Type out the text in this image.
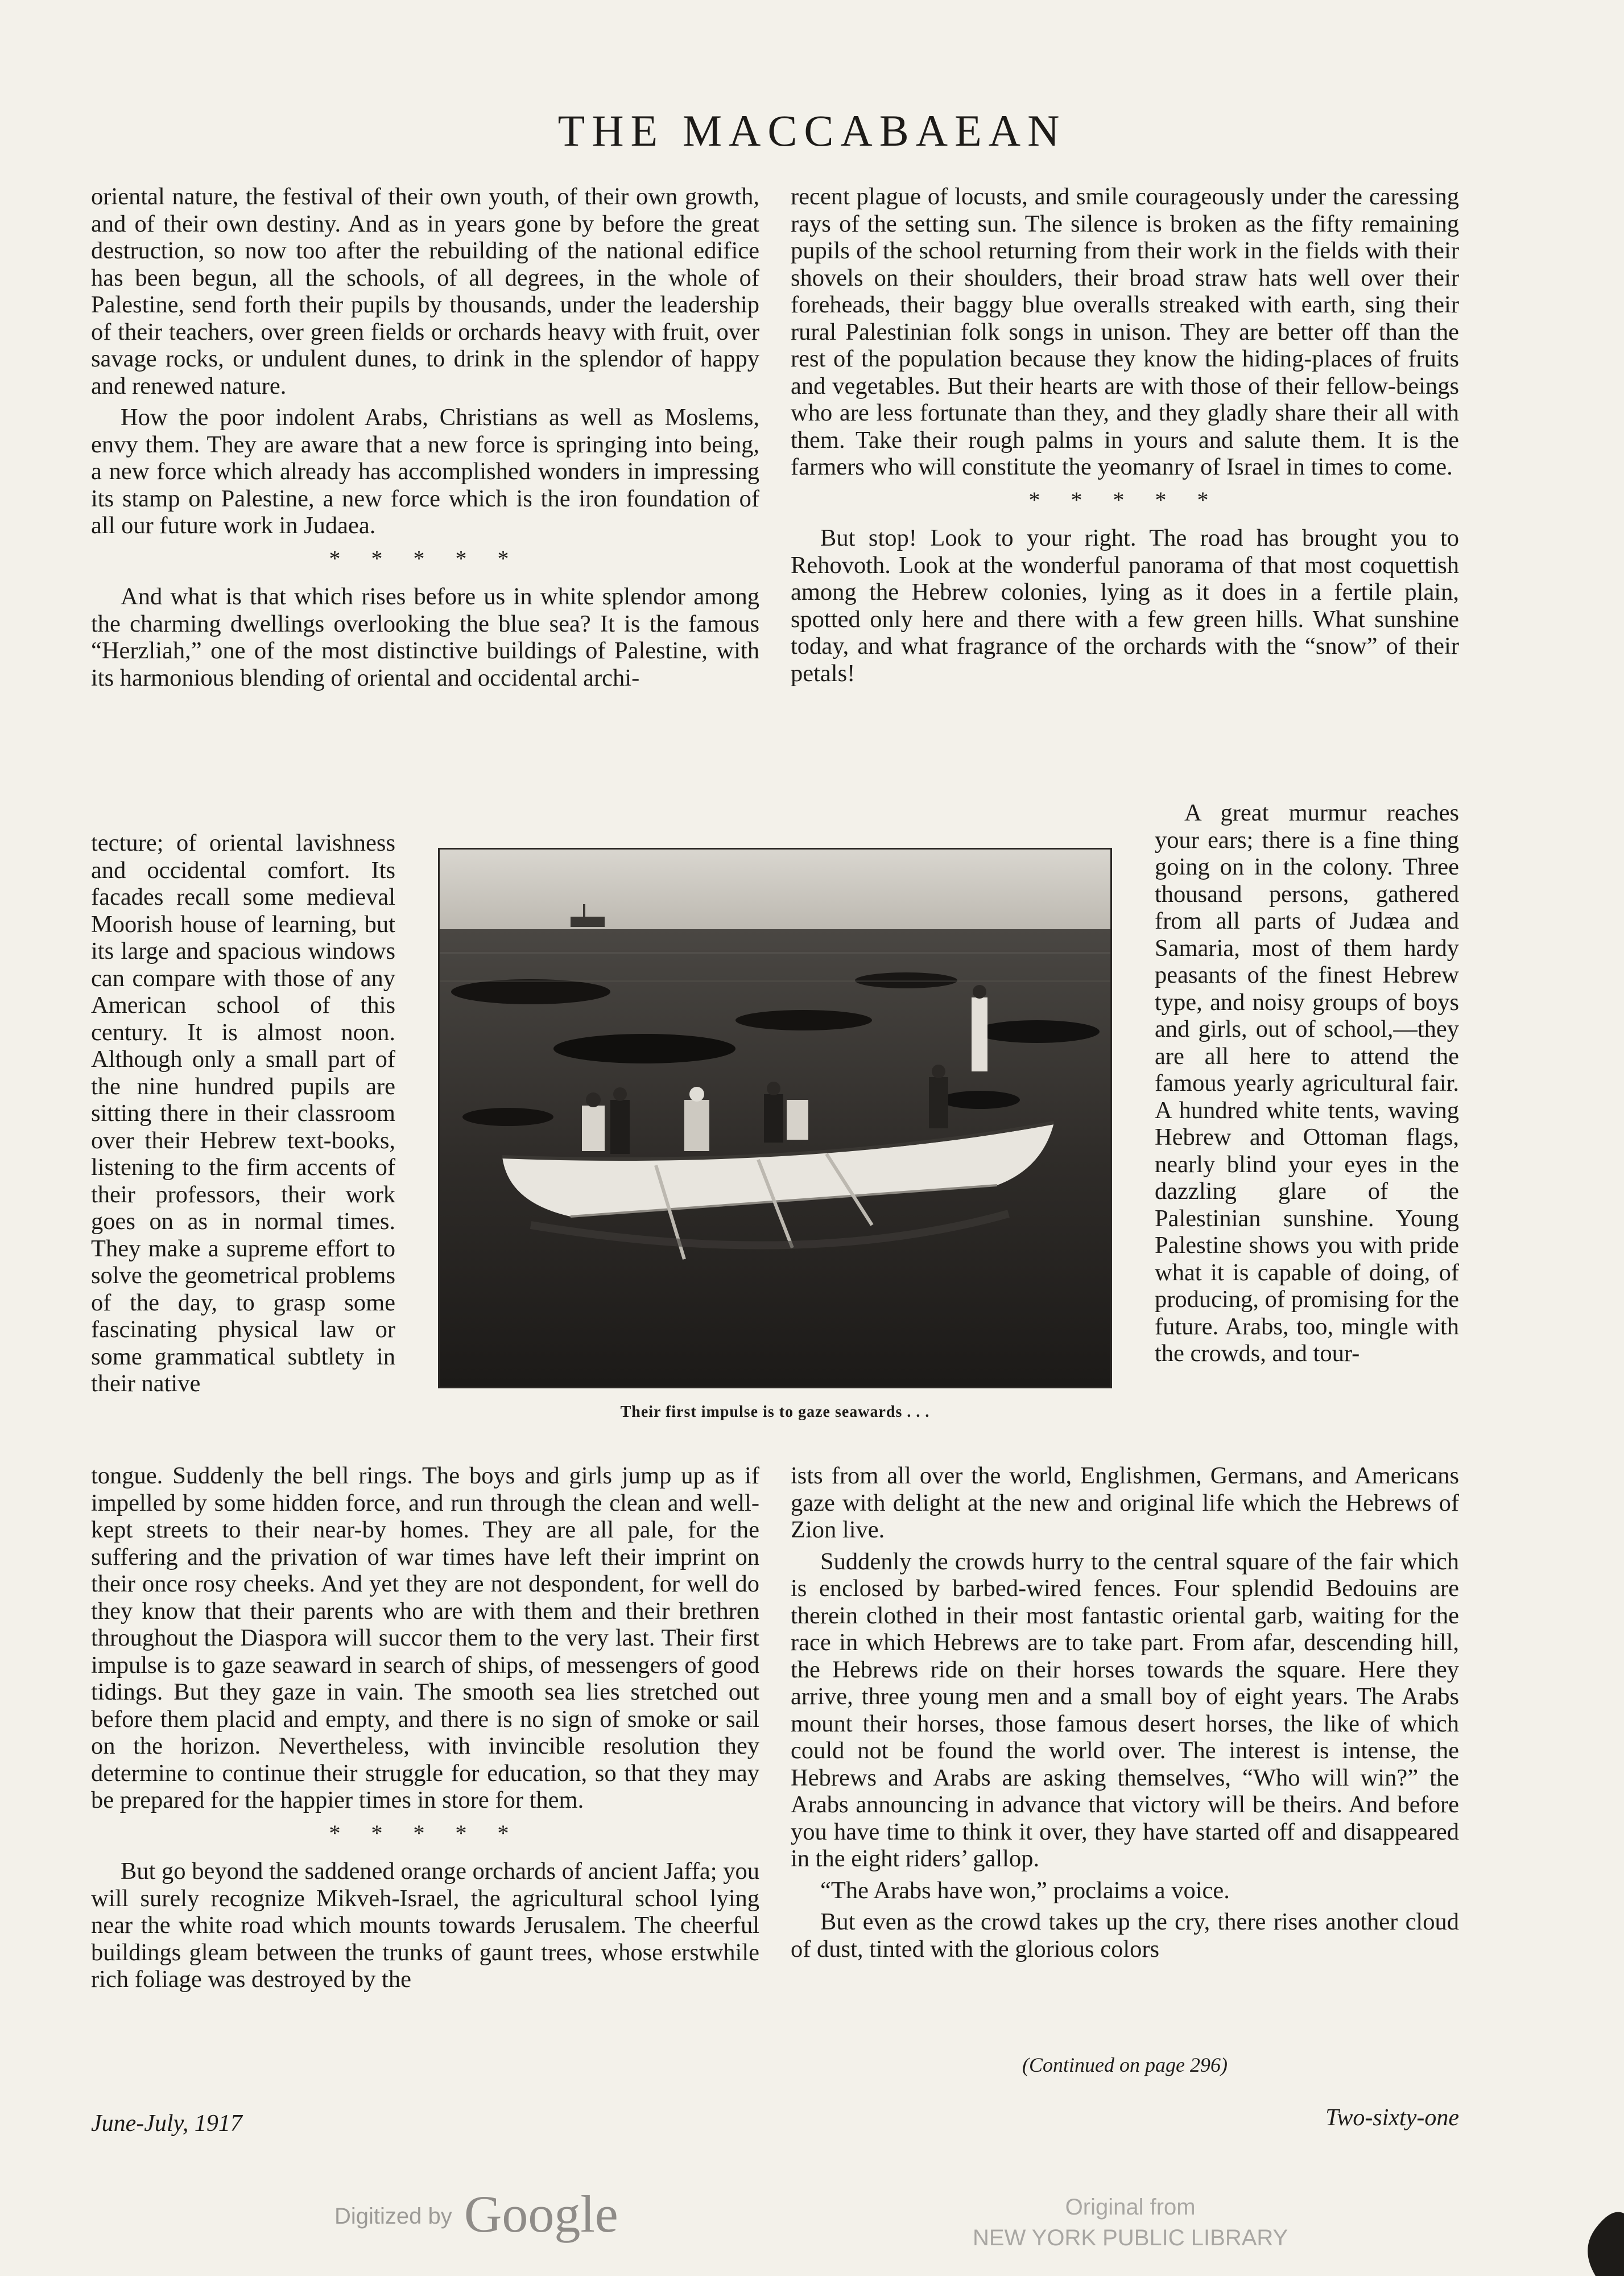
THE MACCABAEAN

oriental nature, the festival of their own youth, of their own growth, and of their own destiny. And as in years gone by before the great destruction, so now too after the rebuilding of the national edifice has been begun, all the schools, of all degrees, in the whole of Palestine, send forth their pupils by thousands, under the leadership of their teachers, over green fields or orchards heavy with fruit, over savage rocks, or undulent dunes, to drink in the splendor of happy and renewed nature.

How the poor indolent Arabs, Christians as well as Moslems, envy them. They are aware that a new force is springing into being, a new force which already has accomplished wonders in impressing its stamp on Palestine, a new force which is the iron foundation of all our future work in Judaea.

* * * * *

And what is that which rises before us in white splendor among the charming dwellings overlooking the blue sea? It is the famous “Herzliah,” one of the most distinctive buildings of Palestine, with its harmonious blending of oriental and occidental archi-

tecture; of oriental lavishness and occidental comfort. Its facades recall some medieval Moorish house of learning, but its large and spacious windows can compare with those of any American school of this century. It is almost noon. Although only a small part of the nine hundred pupils are sitting there in their classroom over their Hebrew text-books, listening to the firm accents of their professors, their work goes on as in normal times. They make a supreme effort to solve the geometrical problems of the day, to grasp some fascinating physical law or some grammatical subtlety in their native

Their first impulse is to gaze seawards . . .

tongue. Suddenly the bell rings. The boys and girls jump up as if impelled by some hidden force, and run through the clean and well-kept streets to their near-by homes. They are all pale, for the suffering and the privation of war times have left their imprint on their once rosy cheeks. And yet they are not despondent, for well do they know that their parents who are with them and their brethren throughout the Diaspora will succor them to the very last. Their first impulse is to gaze seaward in search of ships, of messengers of good tidings. But they gaze in vain. The smooth sea lies stretched out before them placid and empty, and there is no sign of smoke or sail on the horizon. Nevertheless, with invincible resolution they determine to continue their struggle for education, so that they may be prepared for the happier times in store for them.

* * * * *

But go beyond the saddened orange orchards of ancient Jaffa; you will surely recognize Mikveh-Israel, the agricultural school lying near the white road which mounts towards Jerusalem. The cheerful buildings gleam between the trunks of gaunt trees, whose erstwhile rich foliage was destroyed by the

recent plague of locusts, and smile courageously under the caressing rays of the setting sun. The silence is broken as the fifty remaining pupils of the school returning from their work in the fields with their shovels on their shoulders, their broad straw hats well over their foreheads, their baggy blue overalls streaked with earth, sing their rural Palestinian folk songs in unison. They are better off than the rest of the population because they know the hiding-places of fruits and vegetables. But their hearts are with those of their fellow-beings who are less fortunate than they, and they gladly share their all with them. Take their rough palms in yours and salute them. It is the farmers who will constitute the yeomanry of Israel in times to come.

* * * * *

But stop! Look to your right. The road has brought you to Rehovoth. Look at the wonderful panorama of that most coquettish among the Hebrew colonies, lying as it does in a fertile plain, spotted only here and there with a few green hills. What sunshine today, and what fragrance of the orchards with the “snow” of their petals!

A great murmur reaches your ears; there is a fine thing going on in the colony. Three thousand persons, gathered from all parts of Judæa and Samaria, most of them hardy peasants of the finest Hebrew type, and noisy groups of boys and girls, out of school,—they are all here to attend the famous yearly agricultural fair. A hundred white tents, waving Hebrew and Ottoman flags, nearly blind your eyes in the dazzling glare of the Palestinian sunshine. Young Palestine shows you with pride what it is capable of doing, of producing, of promising for the future. Arabs, too, mingle with the crowds, and tour-

ists from all over the world, Englishmen, Germans, and Americans gaze with delight at the new and original life which the Hebrews of Zion live.

Suddenly the crowds hurry to the central square of the fair which is enclosed by barbed-wired fences. Four splendid Bedouins are therein clothed in their most fantastic oriental garb, waiting for the race in which Hebrews are to take part. From afar, descending hill, the Hebrews ride on their horses towards the square. Here they arrive, three young men and a small boy of eight years. The Arabs mount their horses, those famous desert horses, the like of which could not be found the world over. The interest is intense, the Hebrews and Arabs are asking themselves, “Who will win?” the Arabs announcing in advance that victory will be theirs. And before you have time to think it over, they have started off and disappeared in the eight riders’ gallop.

“The Arabs have won,” proclaims a voice.

But even as the crowd takes up the cry, there rises another cloud of dust, tinted with the glorious colors

(Continued on page 296)
June-July, 1917	Two-sixty-one
Digitized by Google	Original from
NEW YORK PUBLIC LIBRARY
